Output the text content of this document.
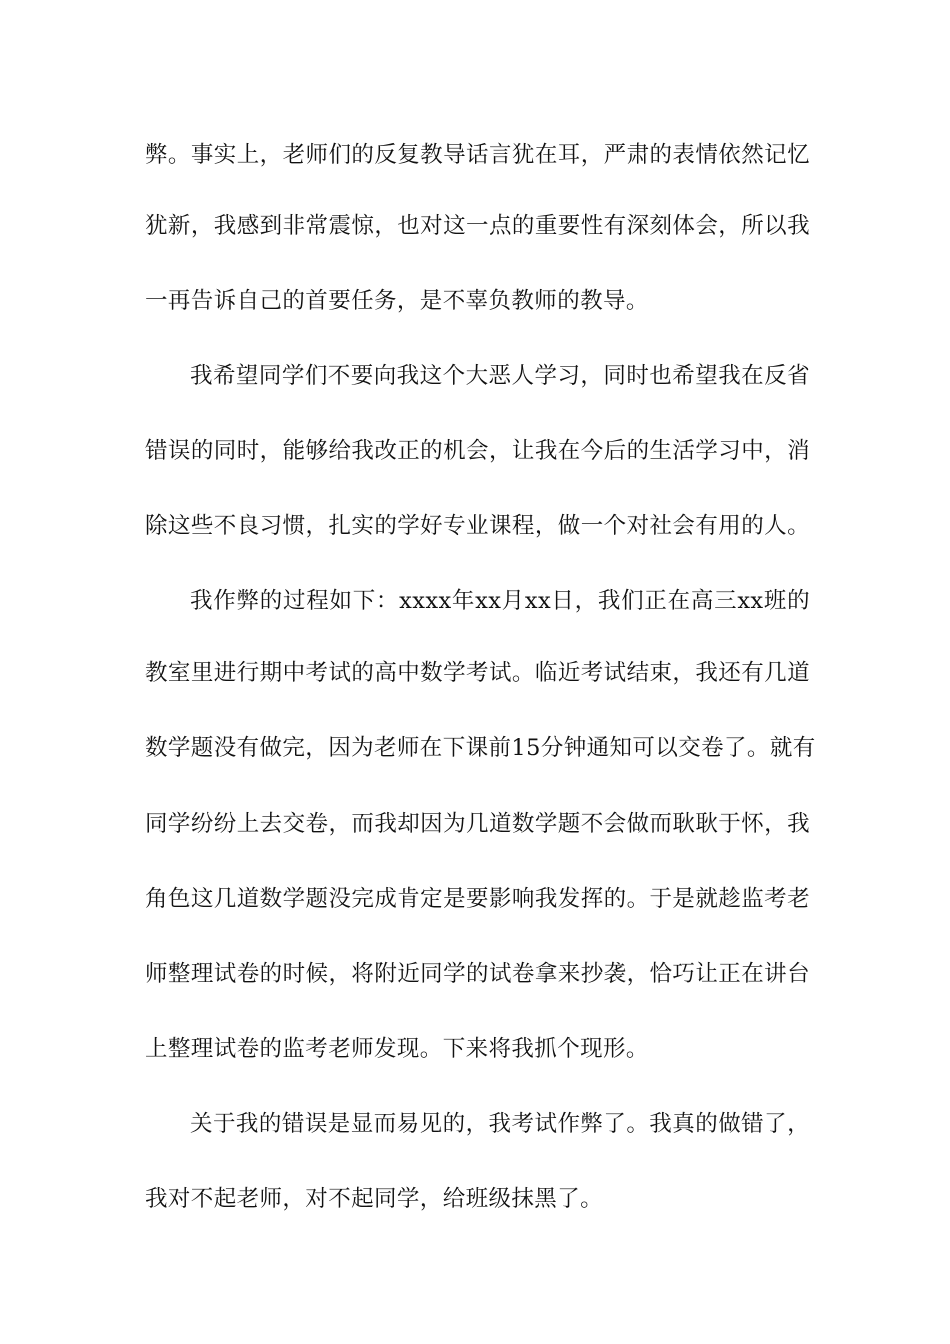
弊。事实上，老师们的反复教导话言犹在耳，严肃的表情依然记忆
犹新，我感到非常震惊，也对这一点的重要性有深刻体会，所以我
一再告诉自己的首要任务，是不辜负教师的教导。
我希望同学们不要向我这个大恶人学习，同时也希望我在反省
错误的同时，能够给我改正的机会，让我在今后的生活学习中，消
除这些不良习惯，扎实的学好专业课程，做一个对社会有用的人。
我作弊的过程如下：xxxx年xx月xx日，我们正在高三xx班的
教室里进行期中考试的高中数学考试。临近考试结束，我还有几道
数学题没有做完，因为老师在下课前15分钟通知可以交卷了。就有
同学纷纷上去交卷，而我却因为几道数学题不会做而耿耿于怀，我
角色这几道数学题没完成肯定是要影响我发挥的。于是就趁监考老
师整理试卷的时候，将附近同学的试卷拿来抄袭，恰巧让正在讲台
上整理试卷的监考老师发现。下来将我抓个现形。
关于我的错误是显而易见的，我考试作弊了。我真的做错了，
我对不起老师，对不起同学，给班级抹黑了。
